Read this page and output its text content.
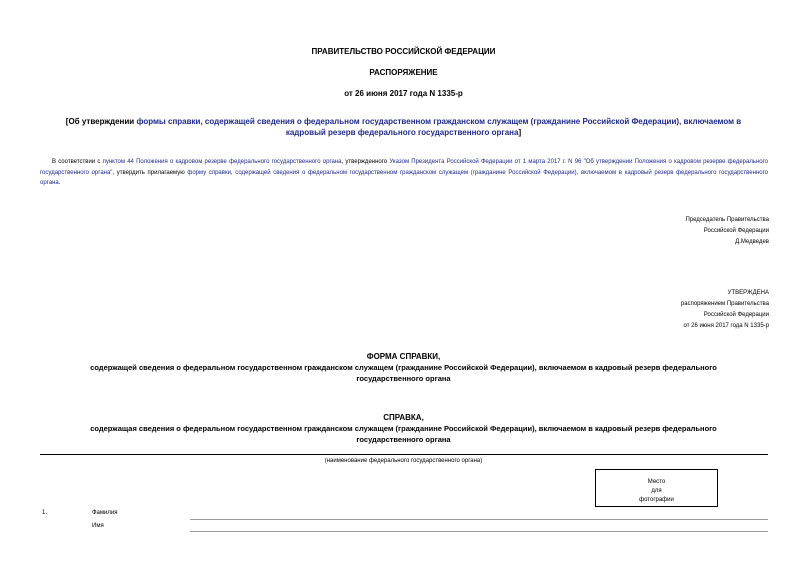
ПРАВИТЕЛЬСТВО РОССИЙСКОЙ ФЕДЕРАЦИИ
РАСПОРЯЖЕНИЕ
от 26 июня 2017 года N 1335-р
[Об утверждении формы справки, содержащей сведения о федеральном государственном гражданском служащем (гражданине Российской Федерации), включаемом в кадровый резерв федерального государственного органа]
В соответствии с пунктом 44 Положения о кадровом резерве федерального государственного органа, утвержденного Указом Президента Российской Федерации от 1 марта 2017 г. N 96 "Об утверждении Положения о кадровом резерве федерального государственного органа", утвердить прилагаемую форму справки, содержащей сведения о федеральном государственном гражданском служащем (гражданине Российской Федерации), включаемом в кадровый резерв федерального государственного органа.
Председатель Правительства
Российской Федерации
Д.Медведев
УТВЕРЖДЕНА
распоряжением Правительства
Российской Федерации
от 26 июня 2017 года N 1335-р
ФОРМА СПРАВКИ,
содержащей сведения о федеральном государственном гражданском служащем (гражданине Российской Федерации), включаемом в кадровый резерв федерального государственного органа
СПРАВКА,
содержащая сведения о федеральном государственном гражданском служащем (гражданине Российской Федерации), включаемом в кадровый резерв федерального государственного органа
(наименование федерального государственного органа)
Место
для
фотографии
1.	Фамилия
Имя
